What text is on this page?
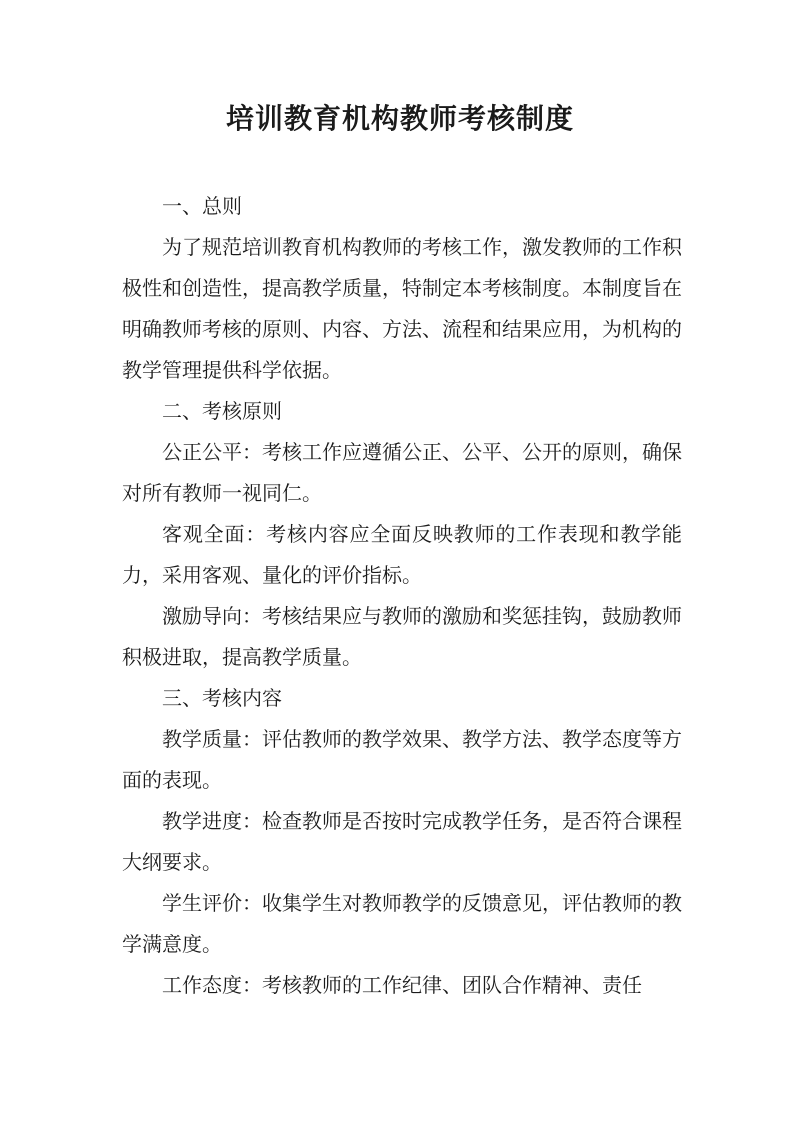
培训教育机构教师考核制度

一、总则

为了规范培训教育机构教师的考核工作，激发教师的工作积极性和创造性，提高教学质量，特制定本考核制度。本制度旨在明确教师考核的原则、内容、方法、流程和结果应用，为机构的教学管理提供科学依据。

二、考核原则

公正公平：考核工作应遵循公正、公平、公开的原则，确保对所有教师一视同仁。

客观全面：考核内容应全面反映教师的工作表现和教学能力，采用客观、量化的评价指标。

激励导向：考核结果应与教师的激励和奖惩挂钩，鼓励教师积极进取，提高教学质量。

三、考核内容

教学质量：评估教师的教学效果、教学方法、教学态度等方面的表现。

教学进度：检查教师是否按时完成教学任务，是否符合课程大纲要求。

学生评价：收集学生对教师教学的反馈意见，评估教师的教学满意度。

工作态度：考核教师的工作纪律、团队合作精神、责任
